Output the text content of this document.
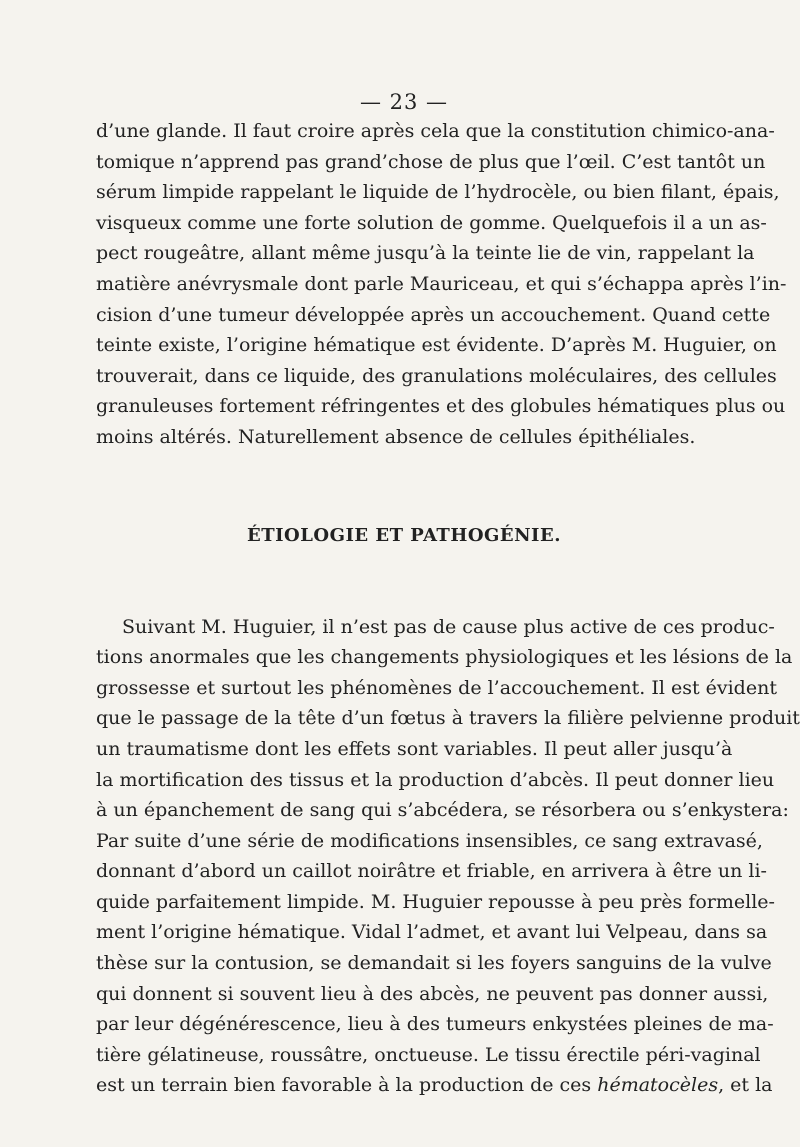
— 23 —
d’une glande. Il faut croire après cela que la constitution chimico-ana-
tomique n’apprend pas grand’chose de plus que l’œil. C’est tantôt un
sérum limpide rappelant le liquide de l’hydrocèle, ou bien filant, épais,
visqueux comme une forte solution de gomme. Quelquefois il a un as-
pect rougeâtre, allant même jusqu’à la teinte lie de vin, rappelant la
matière anévrysmale dont parle Mauriceau, et qui s’échappa après l’in-
cision d’une tumeur développée après un accouchement. Quand cette
teinte existe, l’origine hématique est évidente. D’après M. Huguier, on
trouverait, dans ce liquide, des granulations moléculaires, des cellules
granuleuses fortement réfringentes et des globules hématiques plus ou
moins altérés. Naturellement absence de cellules épithéliales.
ÉTIOLOGIE ET PATHOGÉNIE.
Suivant M. Huguier, il n’est pas de cause plus active de ces produc-
tions anormales que les changements physiologiques et les lésions de la
grossesse et surtout les phénomènes de l’accouchement. Il est évident
que le passage de la tête d’un fœtus à travers la filière pelvienne produit
un traumatisme dont les effets sont variables. Il peut aller jusqu’à
la mortification des tissus et la production d’abcès. Il peut donner lieu
à un épanchement de sang qui s’abcédera, se résorbera ou s’enkystera:
Par suite d’une série de modifications insensibles, ce sang extravasé,
donnant d’abord un caillot noirâtre et friable, en arrivera à être un li-
quide parfaitement limpide. M. Huguier repousse à peu près formelle-
ment l’origine hématique. Vidal l’admet, et avant lui Velpeau, dans sa
thèse sur la contusion, se demandait si les foyers sanguins de la vulve
qui donnent si souvent lieu à des abcès, ne peuvent pas donner aussi,
par leur dégénérescence, lieu à des tumeurs enkystées pleines de ma-
tière gélatineuse, roussâtre, onctueuse. Le tissu érectile péri-vaginal
est un terrain bien favorable à la production de ces hématocèles, et la
